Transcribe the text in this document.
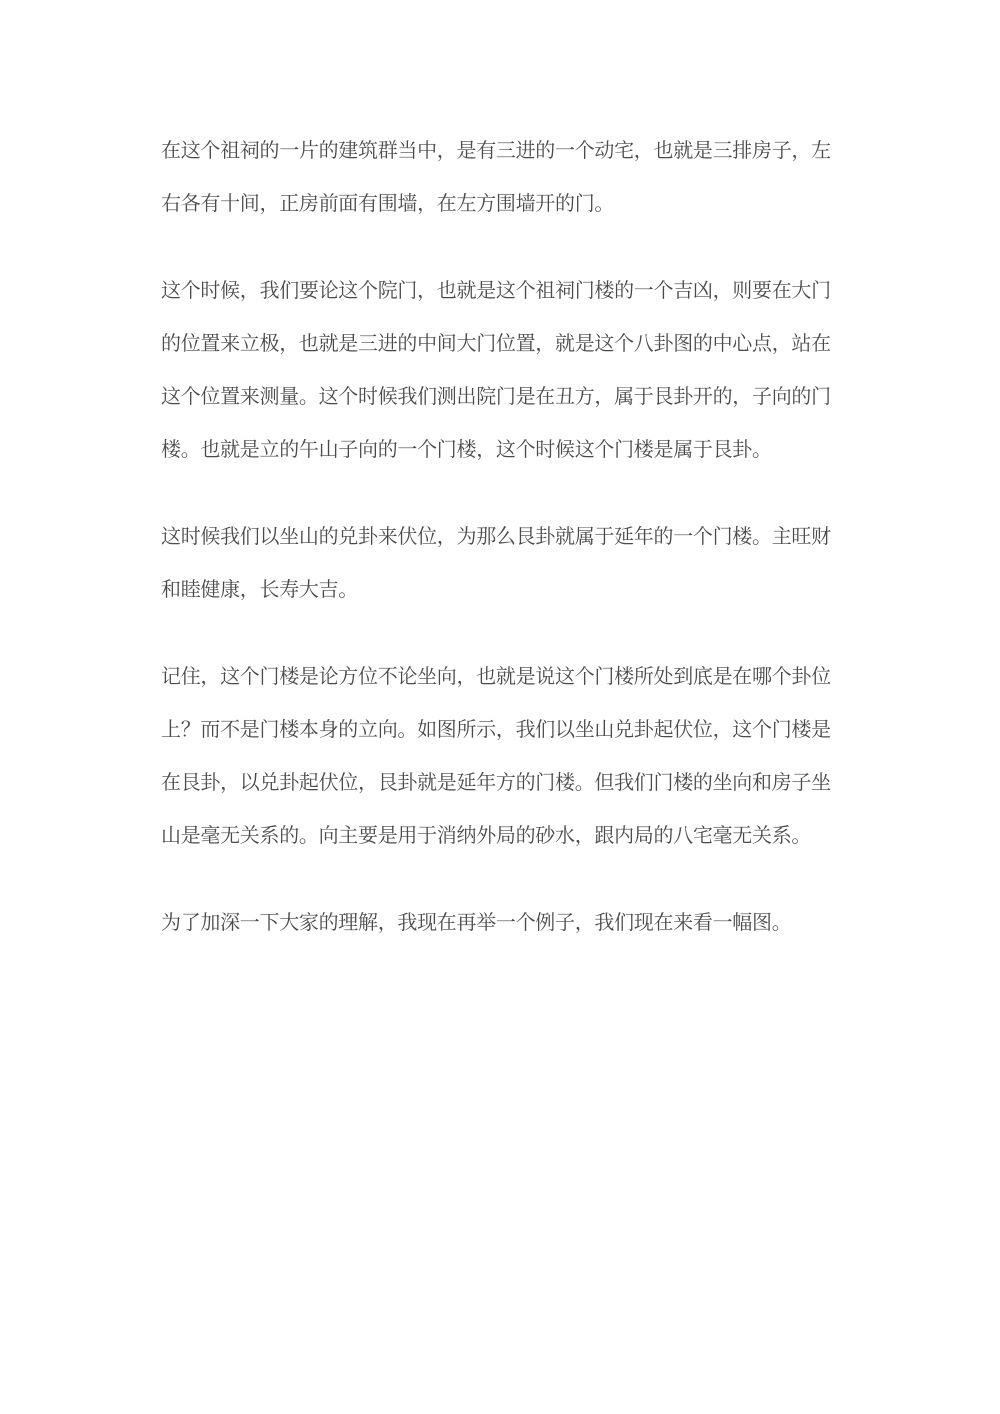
在这个祖祠的一片的建筑群当中，是有三进的一个动宅，也就是三排房子，左
右各有十间，正房前面有围墙，在左方围墙开的门。

这个时候，我们要论这个院门，也就是这个祖祠门楼的一个吉凶，则要在大门
的位置来立极，也就是三进的中间大门位置，就是这个八卦图的中心点，站在
这个位置来测量。这个时候我们测出院门是在丑方，属于艮卦开的，子向的门
楼。也就是立的午山子向的一个门楼，这个时候这个门楼是属于艮卦。

这时候我们以坐山的兑卦来伏位，为那么艮卦就属于延年的一个门楼。主旺财
和睦健康，长寿大吉。

记住，这个门楼是论方位不论坐向，也就是说这个门楼所处到底是在哪个卦位
上？而不是门楼本身的立向。如图所示，我们以坐山兑卦起伏位，这个门楼是
在艮卦，以兑卦起伏位，艮卦就是延年方的门楼。但我们门楼的坐向和房子坐
山是毫无关系的。向主要是用于消纳外局的砂水，跟内局的八宅毫无关系。

为了加深一下大家的理解，我现在再举一个例子，我们现在来看一幅图。
